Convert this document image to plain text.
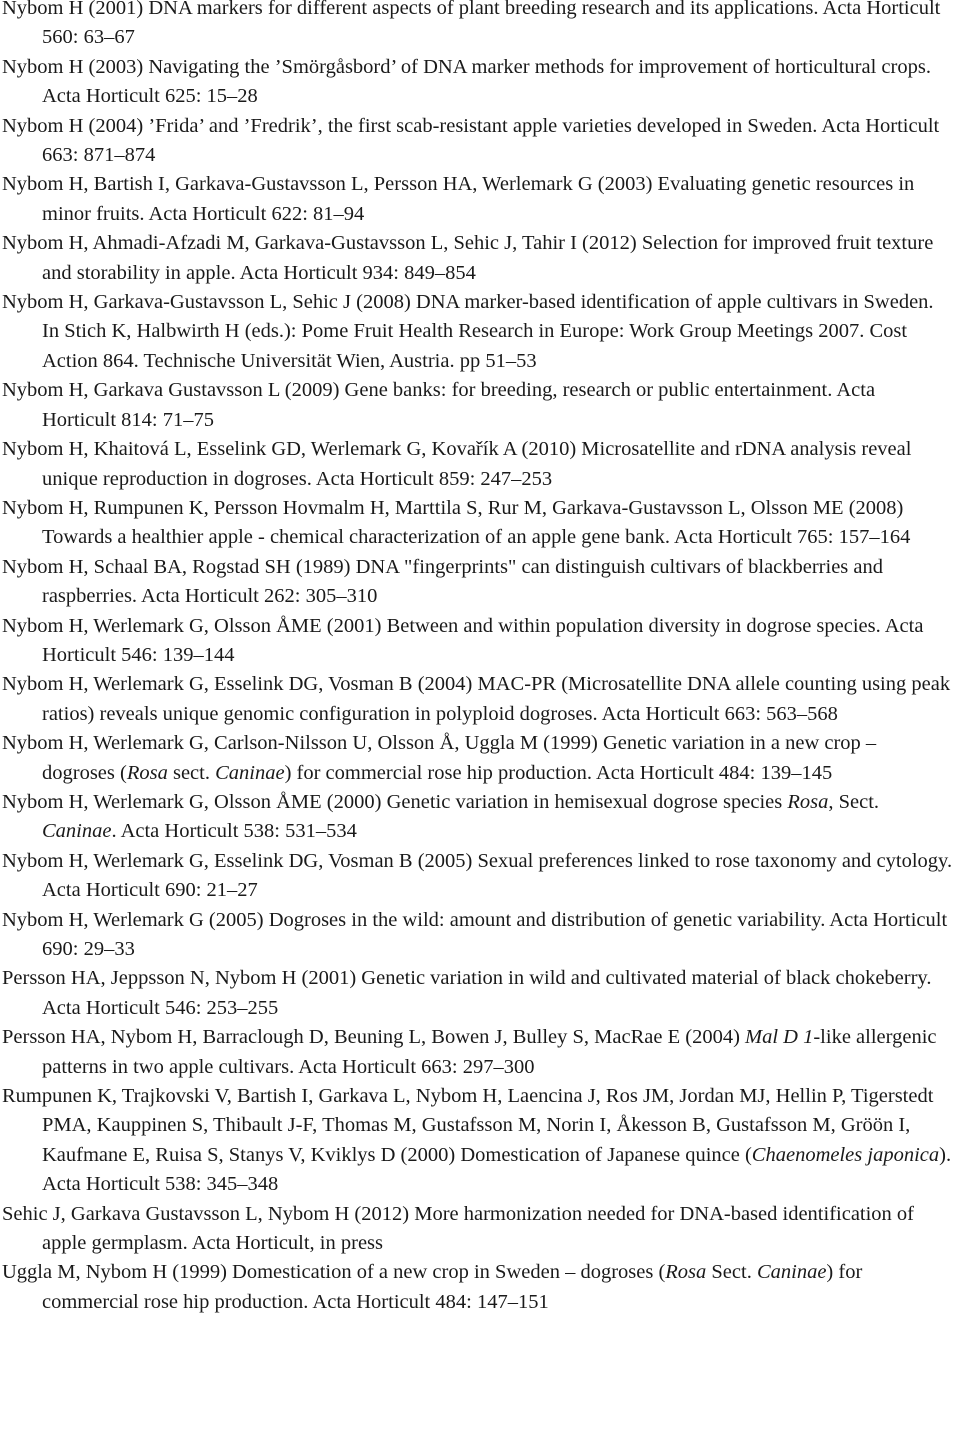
Nybom H (2001) DNA markers for different aspects of plant breeding research and its applications. Acta Horticult 560: 63–67
Nybom H (2003) Navigating the ’Smörgåsbord’ of DNA marker methods for improvement of horticultural crops. Acta Horticult 625: 15–28
Nybom H (2004) ’Frida’ and ’Fredrik’, the first scab-resistant apple varieties developed in Sweden. Acta Horticult 663: 871–874
Nybom H, Bartish I, Garkava-Gustavsson L, Persson HA, Werlemark G (2003) Evaluating genetic resources in minor fruits. Acta Horticult 622: 81–94
Nybom H, Ahmadi-Afzadi M, Garkava-Gustavsson L, Sehic J, Tahir I (2012) Selection for improved fruit texture and storability in apple. Acta Horticult 934: 849–854
Nybom H, Garkava-Gustavsson L, Sehic J (2008) DNA marker-based identification of apple cultivars in Sweden. In Stich K, Halbwirth H (eds.): Pome Fruit Health Research in Europe: Work Group Meetings 2007. Cost Action 864. Technische Universität Wien, Austria. pp 51–53
Nybom H, Garkava Gustavsson L (2009) Gene banks: for breeding, research or public entertainment. Acta Horticult 814: 71–75
Nybom H, Khaitová L, Esselink GD, Werlemark G, Kovařík A (2010) Microsatellite and rDNA analysis reveal unique reproduction in dogroses. Acta Horticult 859: 247–253
Nybom H, Rumpunen K, Persson Hovmalm H, Marttila S, Rur M, Garkava-Gustavsson L, Olsson ME (2008) Towards a healthier apple - chemical characterization of an apple gene bank. Acta Horticult 765: 157–164
Nybom H, Schaal BA, Rogstad SH (1989) DNA "fingerprints" can distinguish cultivars of blackberries and raspberries. Acta Horticult 262: 305–310
Nybom H, Werlemark G, Olsson ÅME (2001) Between and within population diversity in dogrose species. Acta Horticult 546: 139–144
Nybom H, Werlemark G, Esselink DG, Vosman B (2004) MAC-PR (Microsatellite DNA allele counting using peak ratios) reveals unique genomic configuration in polyploid dogroses. Acta Horticult 663: 563–568
Nybom H, Werlemark G, Carlson-Nilsson U, Olsson Å, Uggla M (1999) Genetic variation in a new crop – dogroses (Rosa sect. Caninae) for commercial rose hip production. Acta Horticult 484: 139–145
Nybom H, Werlemark G, Olsson ÅME (2000) Genetic variation in hemisexual dogrose species Rosa, Sect. Caninae. Acta Horticult 538: 531–534
Nybom H, Werlemark G, Esselink DG, Vosman B (2005) Sexual preferences linked to rose taxonomy and cytology. Acta Horticult 690: 21–27
Nybom H, Werlemark G (2005) Dogroses in the wild: amount and distribution of genetic variability. Acta Horticult 690: 29–33
Persson HA, Jeppsson N, Nybom H (2001) Genetic variation in wild and cultivated material of black chokeberry. Acta Horticult 546: 253–255
Persson HA, Nybom H, Barraclough D, Beuning L, Bowen J, Bulley S, MacRae E (2004) Mal D 1-like allergenic patterns in two apple cultivars. Acta Horticult 663: 297–300
Rumpunen K, Trajkovski V, Bartish I, Garkava L, Nybom H, Laencina J, Ros JM, Jordan MJ, Hellin P, Tigerstedt PMA, Kauppinen S, Thibault J-F, Thomas M, Gustafsson M, Norin I, Åkesson B, Gustafsson M, Gröön I, Kaufmane E, Ruisa S, Stanys V, Kviklys D (2000) Domestication of Japanese quince (Chaenomeles japonica). Acta Horticult 538: 345–348
Sehic J, Garkava Gustavsson L, Nybom H (2012) More harmonization needed for DNA-based identification of apple germplasm. Acta Horticult, in press
Uggla M, Nybom H (1999) Domestication of a new crop in Sweden – dogroses (Rosa Sect. Caninae) for commercial rose hip production. Acta Horticult 484: 147–151
